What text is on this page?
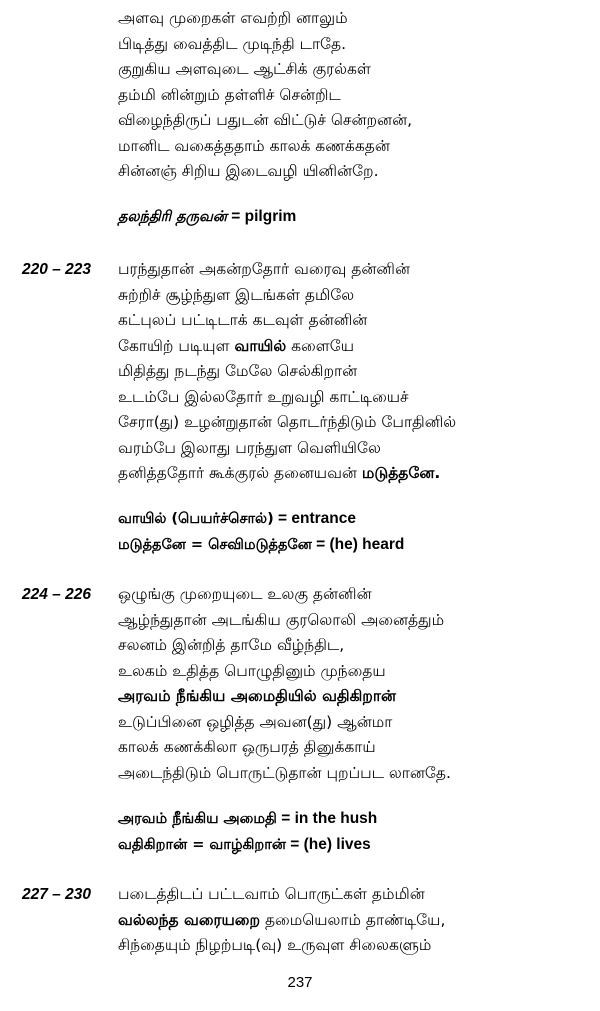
அளவு முறைகள் எவற்றி னாலும்
பிடித்து வைத்திட முடிந்தி டாதே.
குறுகிய அளவுடை ஆட்சிக் குரல்கள்
தம்மி னின்றும் தள்ளிச் சென்றிட
விழைந்திருப் பதுடன் விட்டுச் சென்றனன்,
மானிட வகைத்ததாம் காலக் கணக்கதன்
சின்னஞ் சிறிய இடைவழி யினின்றே.
தலந்திரி தருவன் = pilgrim
220 – 223 பரந்துதான் அகன்றதோர் வரைவு தன்னின்
சுற்றிச் சூழ்ந்துள இடங்கள் தமிலே
கட்புலப் பட்டிடாக் கடவுள் தன்னின்
கோயிற் படியுள வாயில் களையே
மிதித்து நடந்து மேலே செல்கிறான்
உடம்பே இல்லதோர் உறுவழி காட்டியைச்
சேரா(து) உழன்றுதான் தொடர்ந்திடும் போதினில்
வரம்பே இலாது பரந்துள வெளியிலே
தனித்ததோர் கூக்குரல் தனையவன் மடுத்தனே.
வாயில் (பெயர்ச்சொல்) = entrance
மடுத்தனே = செவிமடுத்தனே = (he) heard
224 – 226 ஒழுங்கு முறையுடை உலகு தன்னின்
ஆழ்ந்துதான் அடங்கிய குரலொலி அனைத்தும்
சலனம் இன்றித் தாமே வீழ்ந்திட,
உலகம் உதித்த பொழுதினும் முந்தைய
அரவம் நீங்கிய அமைதியில் வதிகிறான்
உடுப்பினை ஒழித்த அவன(து) ஆன்மா
காலக் கணக்கிலா ஒருபரத் தினுக்காய்
அடைந்திடும் பொருட்டுதான் புறப்பட லானதே.
அரவம் நீங்கிய அமைதி = in the hush
வதிகிறான் = வாழ்கிறான் = (he) lives
227 – 230 படைத்திடப் பட்டவாம் பொருட்கள் தம்மின்
வல்லந்த வரையறை தமையெலாம் தாண்டியே,
சிந்தையும் நிழற்படி(வு) உருவுள சிலைகளும்
237
